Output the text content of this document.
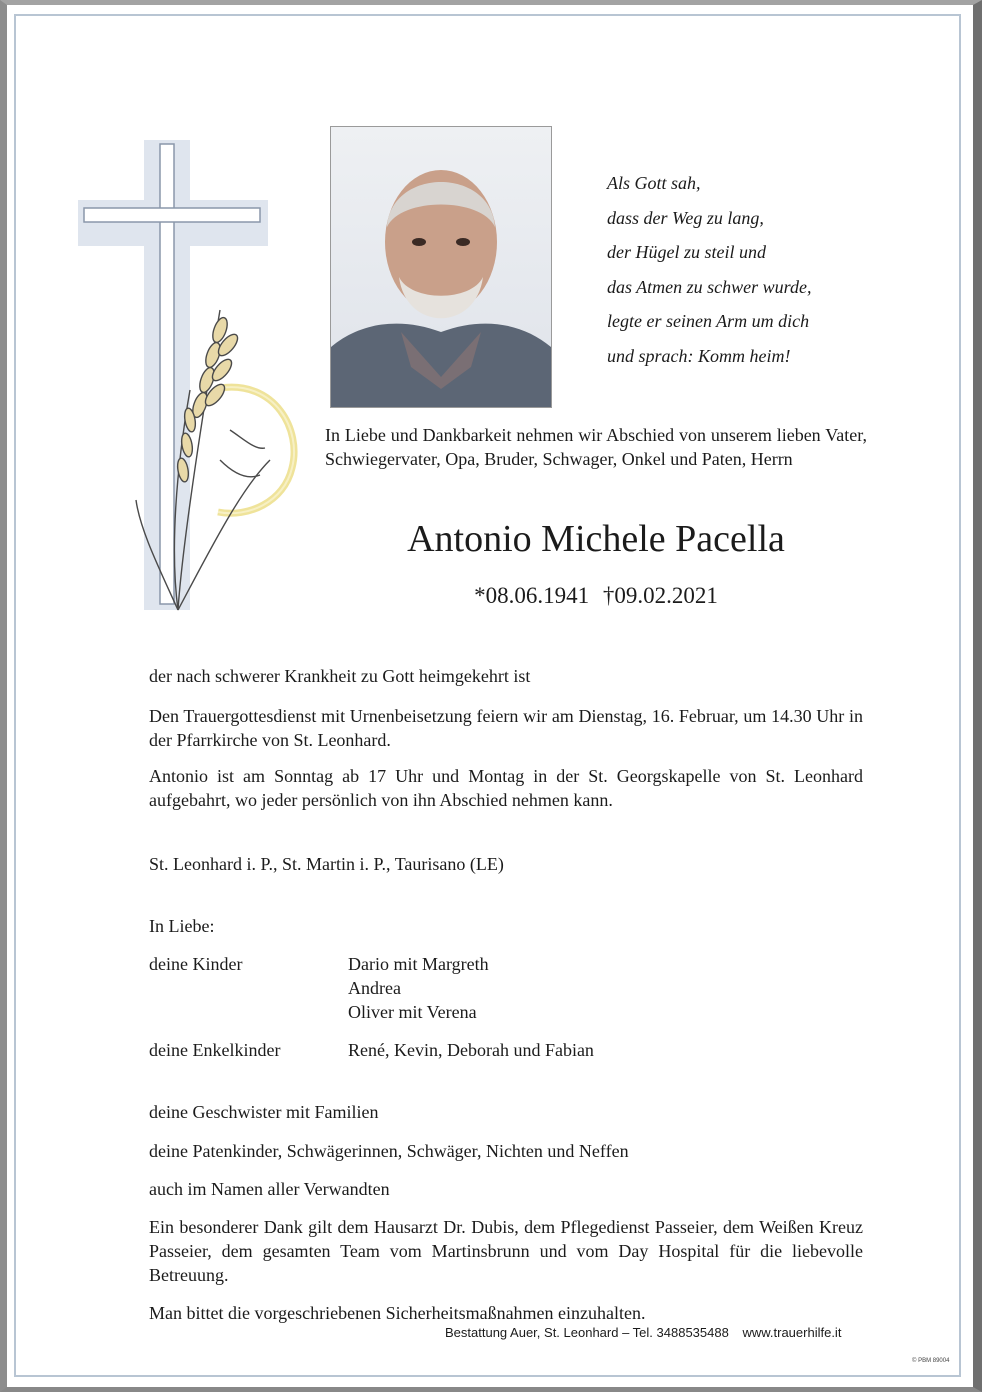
Als Gott sah,
dass der Weg zu lang,
der Hügel zu steil und
das Atmen zu schwer wurde,
legte er seinen Arm um dich
und sprach: Komm heim!
In Liebe und Dankbarkeit nehmen wir Abschied von unserem lieben Vater, Schwiegervater, Opa, Bruder, Schwager, Onkel und Paten, Herrn
Antonio Michele Pacella
*08.06.1941 †09.02.2021
der nach schwerer Krankheit zu Gott heimgekehrt ist
Den Trauergottesdienst mit Urnenbeisetzung feiern wir am Dienstag, 16. Februar, um 14.30 Uhr in der Pfarrkirche von St. Leonhard.
Antonio ist am Sonntag ab 17 Uhr und Montag in der St. Georgskapelle von St. Leonhard aufgebahrt, wo jeder persönlich von ihn Abschied nehmen kann.
St. Leonhard i. P., St. Martin i. P., Taurisano (LE)
In Liebe:
deine Kinder	Dario mit Margreth
Andrea
Oliver mit Verena
deine Enkelkinder	René, Kevin, Deborah und Fabian
deine Geschwister mit Familien
deine Patenkinder, Schwägerinnen, Schwäger, Nichten und Neffen
auch im Namen aller Verwandten
Ein besonderer Dank gilt dem Hausarzt Dr. Dubis, dem Pflegedienst Passeier, dem Weißen Kreuz Passeier, dem gesamten Team vom Martinsbrunn und vom Day Hospital für die liebevolle Betreuung.
Man bittet die vorgeschriebenen Sicherheitsmaßnahmen einzuhalten.
Bestattung Auer, St. Leonhard – Tel. 3488535488 www.trauerhilfe.it
© PBM 89004
